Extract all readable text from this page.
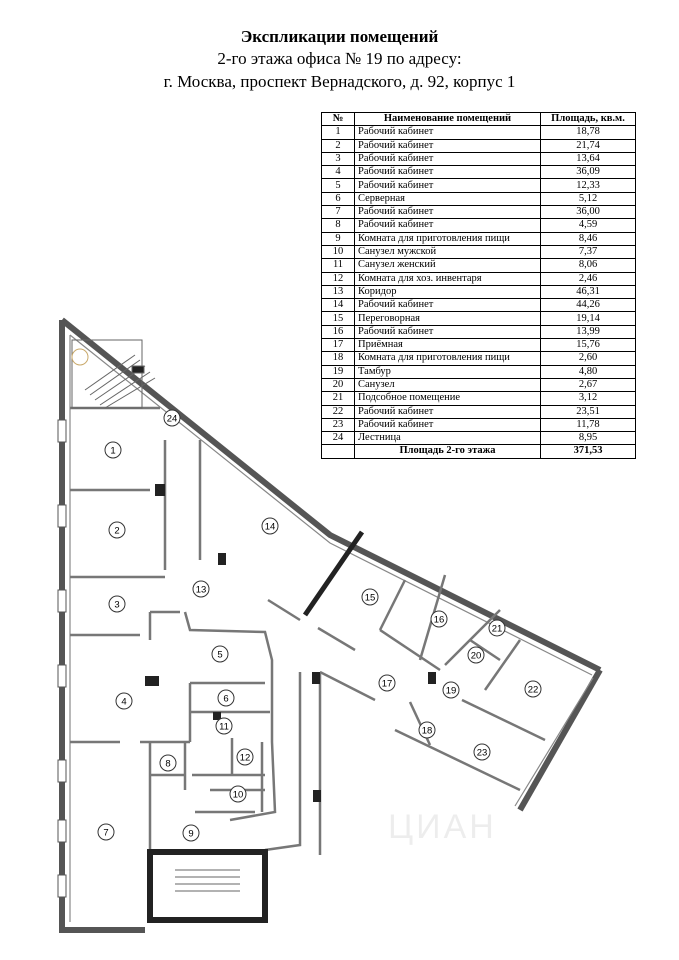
Экспликации помещений
2-го этажа офиса № 19 по адресу:
г. Москва, проспект Вернадского, д. 92, корпус 1
№	Наименование помещений	Площадь, кв.м.
1	Рабочий кабинет	18,78
2	Рабочий кабинет	21,74
3	Рабочий кабинет	13,64
4	Рабочий кабинет	36,09
5	Рабочий кабинет	12,33
6	Серверная	5,12
7	Рабочий кабинет	36,00
8	Рабочий кабинет	4,59
9	Комната для приготовления пищи	8,46
10	Санузел мужской	7,37
11	Санузел женский	8,06
12	Комната для хоз. инвентаря	2,46
13	Коридор	46,31
14	Рабочий кабинет	44,26
15	Переговорная	19,14
16	Рабочий кабинет	13,99
17	Приёмная	15,76
18	Комната для приготовления пищи	2,60
19	Тамбур	4,80
20	Санузел	2,67
21	Подсобное помещение	3,12
22	Рабочий кабинет	23,51
23	Рабочий кабинет	11,78
24	Лестница	8,95
	Площадь 2-го этажа	371,53
ЦИАН
1
2
3
4
5
6
7
8
9
10
11
12
13
14
15
16
17
18
19
20
21
22
23
24
